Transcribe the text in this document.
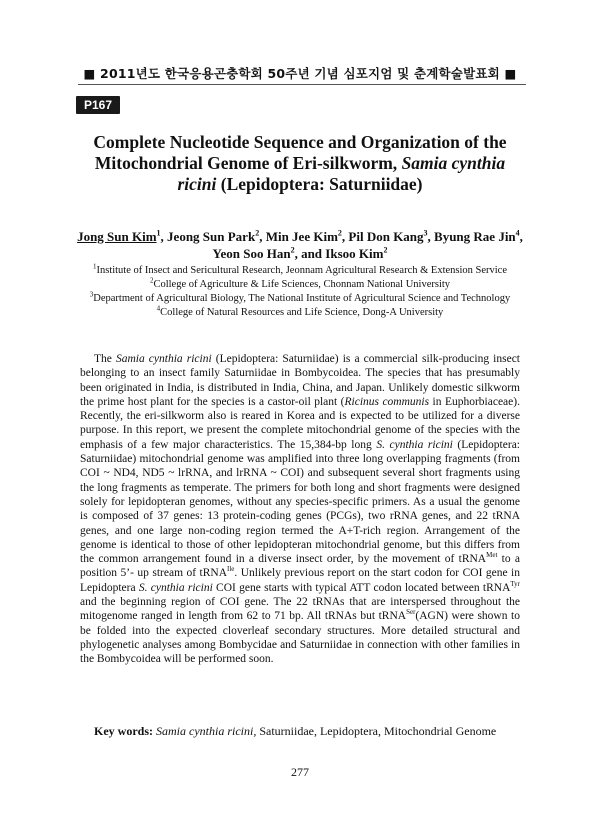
■ 2011년도 한국응용곤충학회 50주년 기념 심포지엄 및 춘계학술발표회 ■
P167
Complete Nucleotide Sequence and Organization of the
Mitochondrial Genome of Eri-silkworm, Samia cynthia
ricini (Lepidoptera: Saturniidae)
Jong Sun Kim$^1$, Jeong Sun Park$^2$, Min Jee Kim$^2$, Pil Don Kang$^3$, Byung Rae Jin$^4$,
Yeon Soo Han$^2$, and Iksoo Kim$^2$
$^1$Institute of Insect and Sericultural Research, Jeonnam Agricultural Research & Extension Service
$^2$College of Agriculture & Life Sciences, Chonnam National University
$^3$Department of Agricultural Biology, The National Institute of Agricultural Science and Technology
$^4$College of Natural Resources and Life Science, Dong-A University
The Samia cynthia ricini (Lepidoptera: Saturniidae) is a commercial silk-producing insect belonging to an insect family Saturniidae in Bombycoidea. The species that has presumably been originated in India, is distributed in India, China, and Japan. Unlikely domestic silkworm the prime host plant for the species is a castor-oil plant (Ricinus communis in Euphorbiaceae). Recently, the eri-silkworm also is reared in Korea and is expected to be utilized for a diverse purpose. In this report, we present the complete mitochondrial genome of the species with the emphasis of a few major characteristics. The 15,384-bp long S. cynthia ricini (Lepidoptera: Saturniidae) mitochondrial genome was amplified into three long overlapping fragments (from COI ~ ND4, ND5 ~ lrRNA, and lrRNA ~ COI) and subsequent several short fragments using the long fragments as temperate. The primers for both long and short fragments were designed solely for lepidopteran genomes, without any species-specific primers. As a usual the genome is composed of 37 genes: 13 protein-coding genes (PCGs), two rRNA genes, and 22 tRNA genes, and one large non-coding region termed the A+T-rich region. Arrangement of the genome is identical to those of other lepidopteran mitochondrial genome, but this differs from the common arrangement found in a diverse insect order, by the movement of tRNA$^{Met}$ to a position 5’- up stream of tRNA$^{Ile}$. Unlikely previous report on the start codon for COI gene in Lepidoptera S. cynthia ricini COI gene starts with typical ATT codon located between tRNA$^{Tyr}$ and the beginning region of COI gene. The 22 tRNAs that are interspersed throughout the mitogenome ranged in length from 62 to 71 bp. All tRNAs but tRNA$^{Ser}$(AGN) were shown to be folded into the expected cloverleaf secondary structures. More detailed structural and phylogenetic analyses among Bombycidae and Saturniidae in connection with other families in the Bombycoidea will be performed soon.
Key words: Samia cynthia ricini, Saturniidae, Lepidoptera, Mitochondrial Genome
277
